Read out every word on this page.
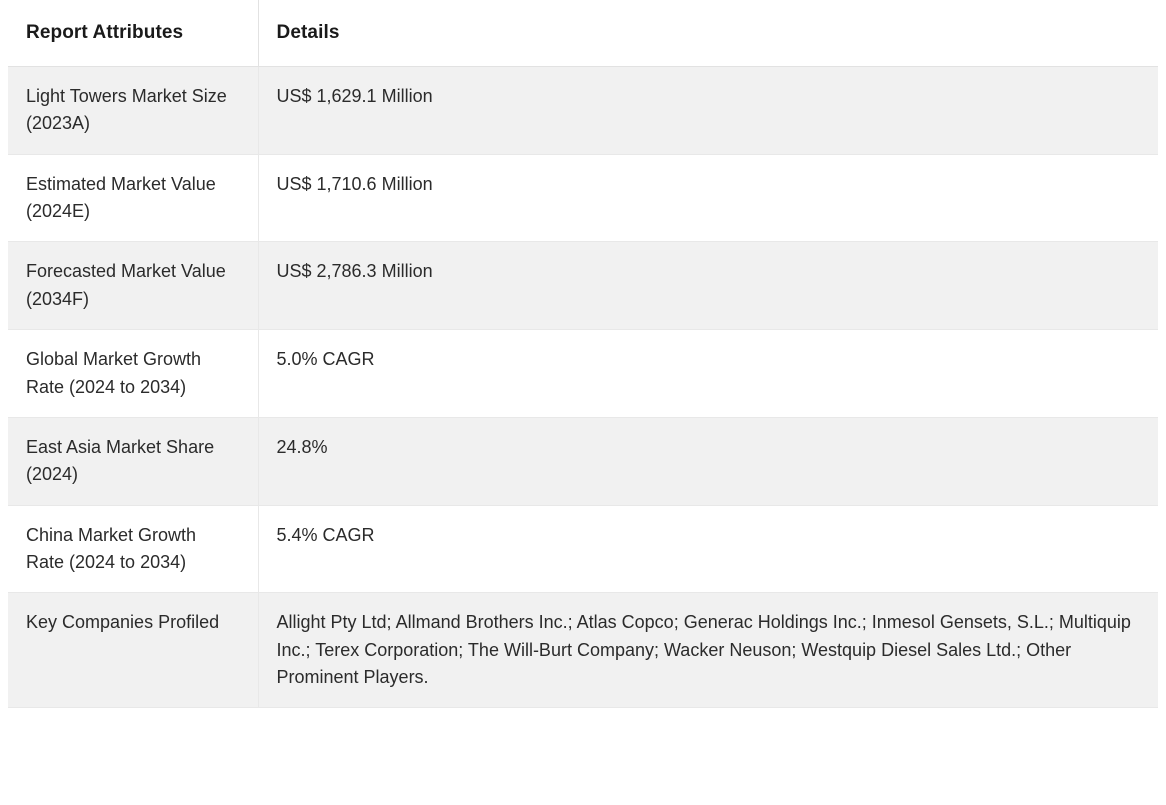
Report Attributes	Details
Light Towers Market Size (2023A)	US$ 1,629.1 Million
Estimated Market Value (2024E)	US$ 1,710.6 Million
Forecasted Market Value (2034F)	US$ 2,786.3 Million
Global Market Growth Rate (2024 to 2034)	5.0% CAGR
East Asia Market Share (2024)	24.8%
China Market Growth Rate (2024 to 2034)	5.4% CAGR
Key Companies Profiled	Allight Pty Ltd; Allmand Brothers Inc.; Atlas Copco; Generac Holdings Inc.; Inmesol Gensets, S.L.; Multiquip Inc.; Terex Corporation; The Will-Burt Company; Wacker Neuson; Westquip Diesel Sales Ltd.; Other Prominent Players.
